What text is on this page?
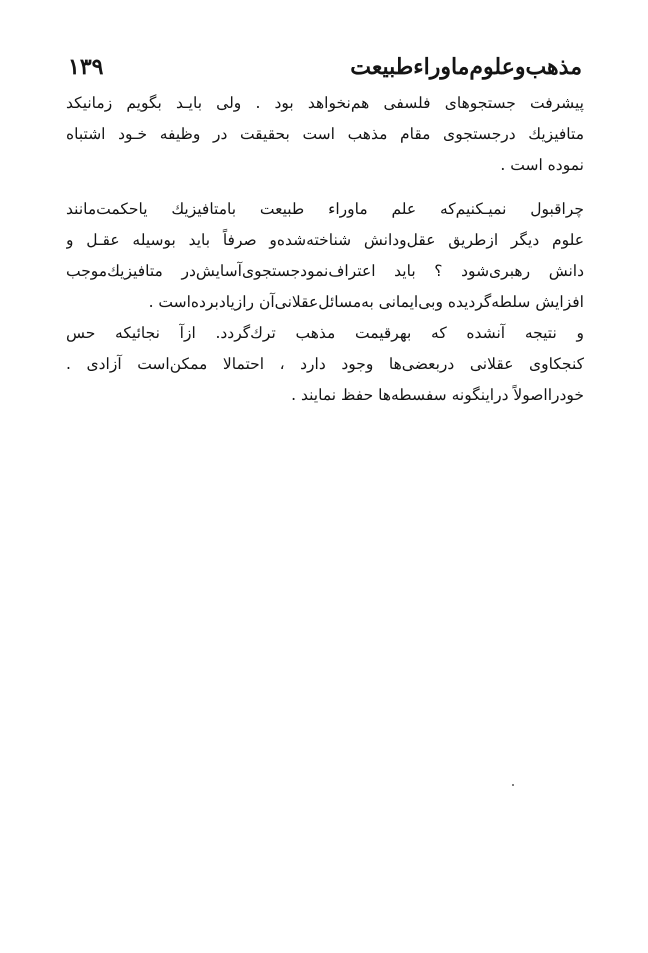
مذهب‌وعلوم‌ماوراءطبیعت
۱۳۹
پیشرفت جستجوهای فلسفی هم‌نخواهد بود . ولی بایـد بگویم زمانیکد
متافیزیك درجستجوی مقام مذهب است بحقیقت در وظیفه خـود اشتباه
نموده است .
چراقبول نمیـکنیم‌که علم ماوراء طبیعت بامتافیزیك یاحکمت‌مانند
علوم دیگر ازطریق عقل‌ودانش شناخته‌شده‌و صرفاً باید بوسیله عقـل و
دانش رهبری‌شود ؟ باید اعتراف‌نمودجستجوی‌آسایش‌در متافیزیك‌موجب
افزایش سلطه‌گردیده وبی‌ایمانی به‌مسائل‌عقلانی‌آن رازیادبرده‌است .
و نتیجه آنشده که بهرقیمت مذهب ترك‌گردد. ازآ نجائیکه حس
کنجکاوی عقلانی دربعضی‌ها وجود دارد ، احتمالا ممکن‌است آزادی .
خودرااصولاً دراینگونه سفسطه‌ها حفظ نمایند .
